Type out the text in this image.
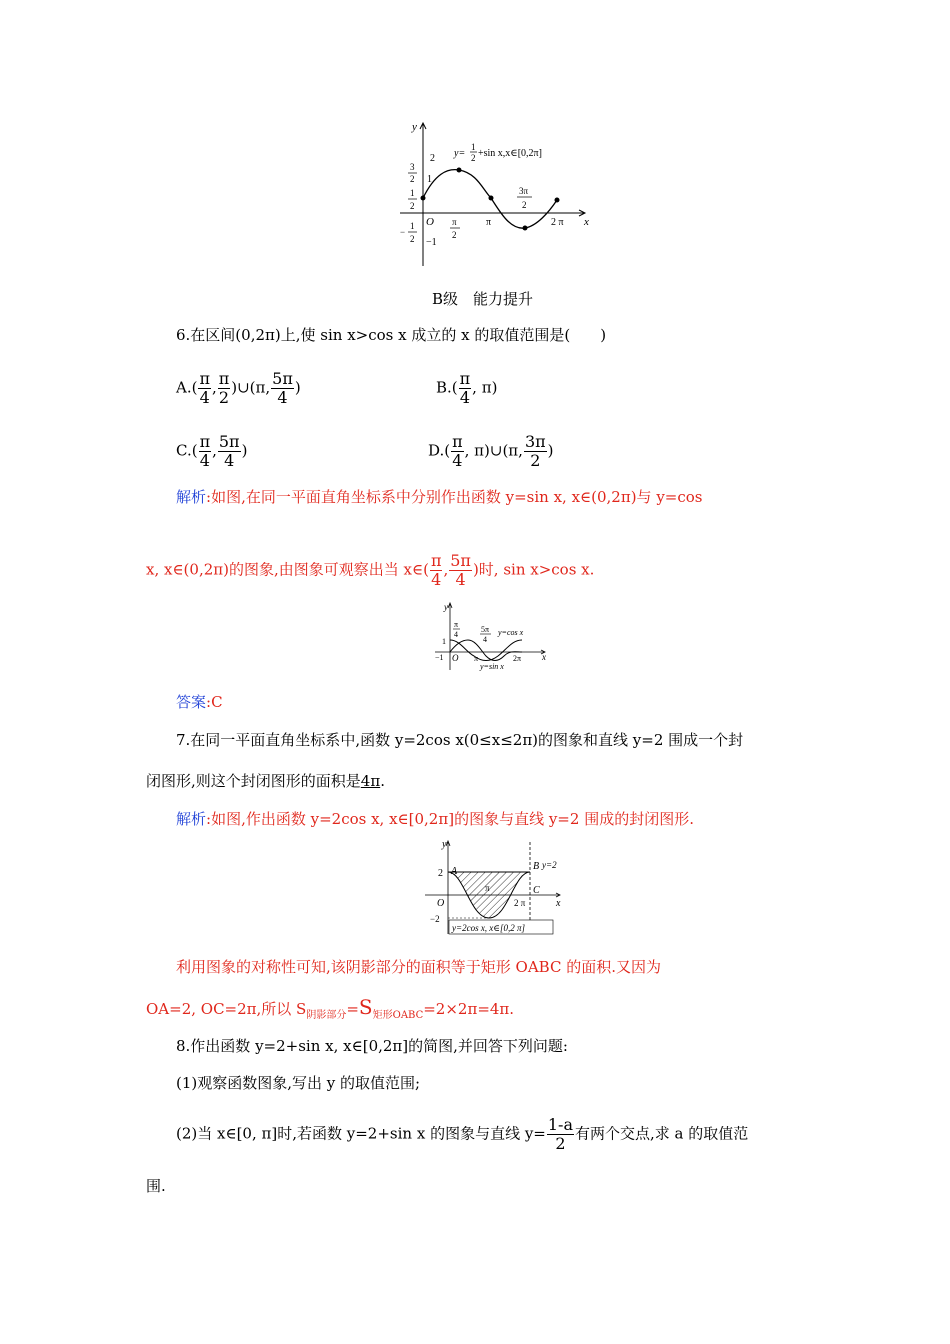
y
x
O
y=
1
2 +sin x,x∈[0,2π]
2
1
−1
3
2
1
2
−
1
2
π
2
π
3π
2
2 π
B级　能力提升
6.在区间(0,2π)上,使 sin x>cos x 成立的 x 的取值范围是(　　)
$A.( \frac{\pi}{4}$ , $\frac{\pi}{2}$ )∪(π, $\frac{5\pi}{4}$ )	$B.( \frac{\pi}{4}$ , π)
$C.( \frac{\pi}{4}$ , $\frac{5\pi}{4}$ )	$D.( \frac{\pi}{4}$ , π)∪(π, $\frac{3\pi}{2}$ )
解析:如图,在同一平面直角坐标系中分别作出函数 y=sin x, x∈(0,2π)与 y=cos
x, x∈(0,2π)的图象,由图象可观察出当 x∈( $\frac{\pi}{4}$ , $\frac{5\pi}{4}$ )时, sin x>cos x.
y
x
O
1
−1
π
4
5π
4
y=cos x
π	2π
y=sin x
答案:C
7.在同一平面直角坐标系中,函数 y=2cos x(0≤x≤2π)的图象和直线 y=2 围成一个封
闭图形,则这个封闭图形的面积是4π.
解析:如图,作出函数 y=2cos x, x∈[0,2π]的图象与直线 y=2 围成的封闭图形.
y
x
2 A	B y=2
C
O
−2
π
2 π
y=2cos x, x∈[0,2 π]
利用图象的对称性可知,该阴影部分的面积等于矩形 OABC 的面积.又因为
OA=2, OC=2π,所以 $S_{阴影部分}=S_{矩形OABC}=2\times 2\pi=4\pi$.
8.作出函数 y=2+sin x, x∈[0,2π]的简图,并回答下列问题:
(1)观察函数图象,写出 y 的取值范围;
(2)当 x∈[0, π]时,若函数 y=2+sin x 的图象与直线 $y= \frac{1-a}{2}$ 有两个交点,求 a 的取值范
围.
